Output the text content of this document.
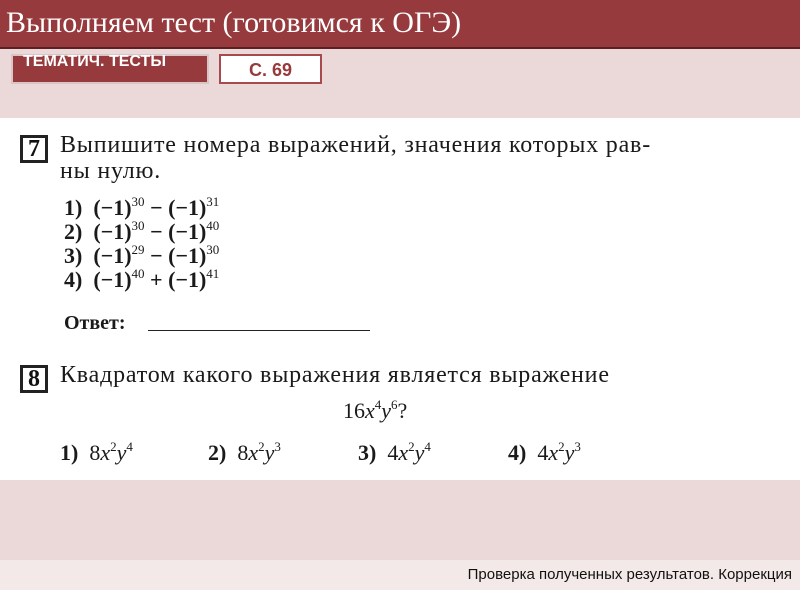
Выполняем тест (готовимся к ОГЭ)
ТЕМАТИЧ. ТЕСТЫ	С. 69
7 Выпишите номера выражений, значения которых рав-
ны нулю.
1) $(-1)^{30} - (-1)^{31}$
2) $(-1)^{30} - (-1)^{40}$
3) $(-1)^{29} - (-1)^{30}$
4) $(-1)^{40} + (-1)^{41}$
Ответ:
8 Квадратом какого выражения является выражение
$16x^4y^6$?
1) $8x^2y^4$	2) $8x^2y^3$	3) $4x^2y^4$	4) $4x^2y^3$
Проверка полученных результатов. Коррекция
